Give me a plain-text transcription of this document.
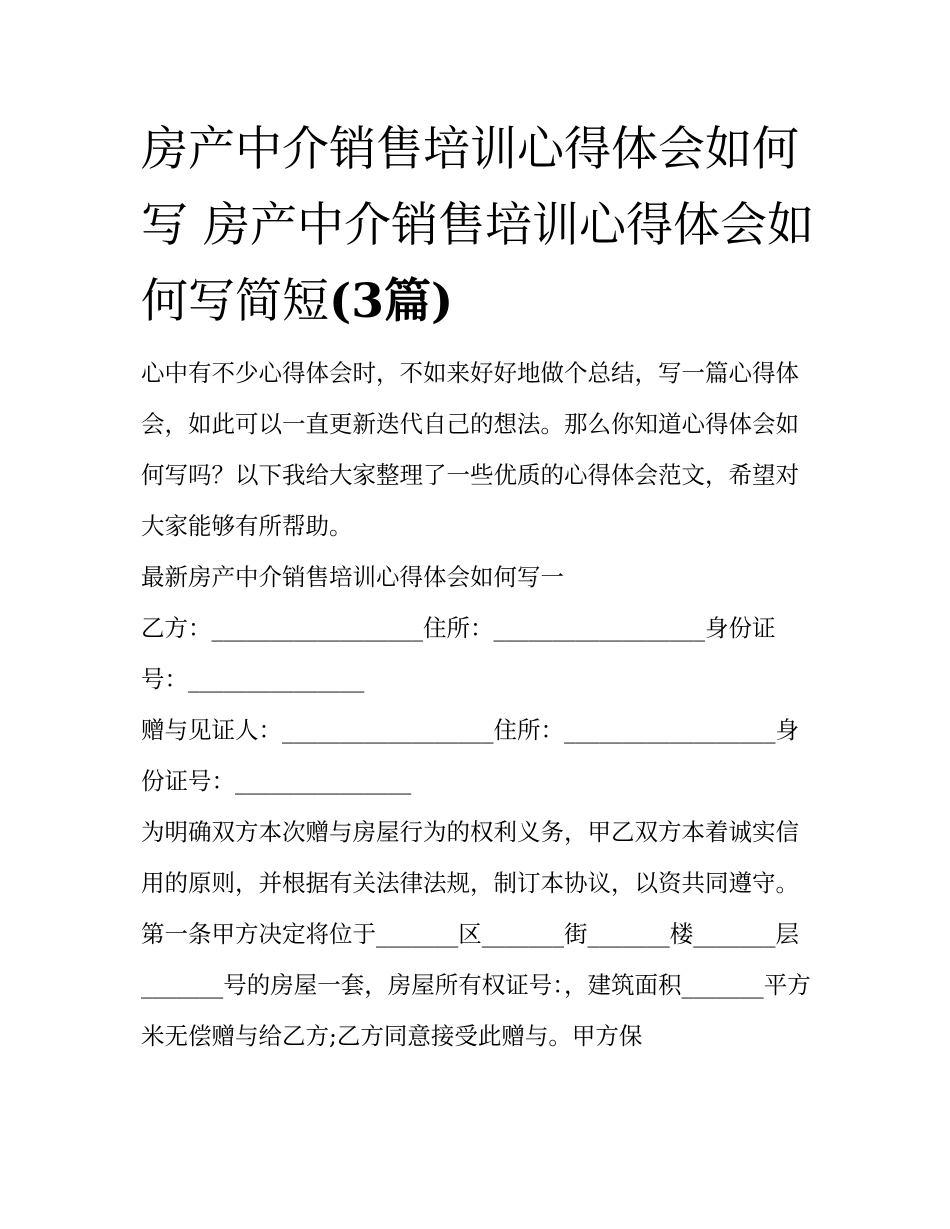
房产中介销售培训心得体会如何写 房产中介销售培训心得体会如何写简短(3篇)

心中有不少心得体会时，不如来好好地做个总结，写一篇心得体会，如此可以一直更新迭代自己的想法。那么你知道心得体会如何写吗？以下我给大家整理了一些优质的心得体会范文，希望对大家能够有所帮助。

最新房产中介销售培训心得体会如何写一

乙方：__________________住所：__________________身份证号：_______________

赠与见证人：__________________住所：__________________身份证号：_______________

为明确双方本次赠与房屋行为的权利义务，甲乙双方本着诚实信用的原则，并根据有关法律法规，制订本协议，以资共同遵守。

第一条甲方决定将位于_______区_______街_______楼_______层_______号的房屋一套，房屋所有权证号：，建筑面积_______平方米无偿赠与给乙方;乙方同意接受此赠与。甲方保
